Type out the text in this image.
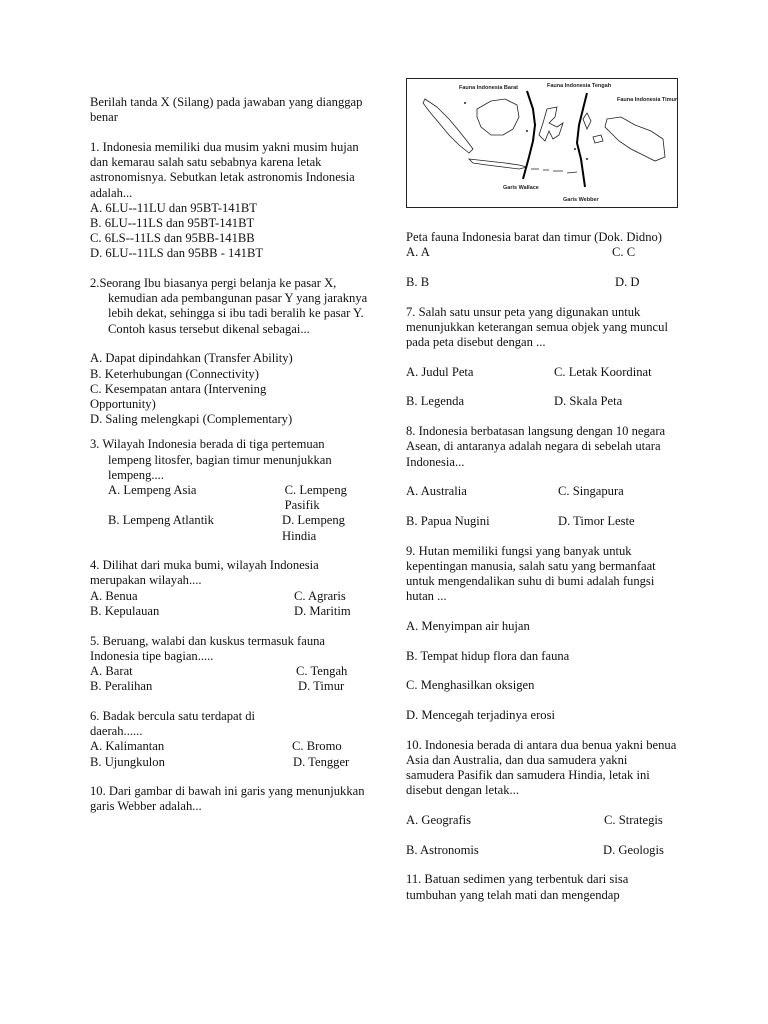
Berilah tanda X (Silang) pada jawaban yang dianggap benar

1. Indonesia memiliki dua musim yakni musim hujan dan kemarau salah satu sebabnya karena letak astronomisnya. Sebutkan letak astronomis Indonesia adalah...

A. 6LU--11LU dan 95BT-141BT

B. 6LU--11LS dan 95BT-141BT

C. 6LS--11LS dan 95BB-141BB

D. 6LU--11LS dan 95BB - 141BT

2.Seorang Ibu biasanya pergi belanja ke pasar X, kemudian ada pembangunan pasar Y yang jaraknya lebih dekat, sehingga si ibu tadi beralih ke pasar Y. Contoh kasus tersebut dikenal sebagai...

A. Dapat dipindahkan (Transfer Ability)

B. Keterhubungan (Connectivity)

C. Kesempatan antara (Intervening Opportunity)

D. Saling melengkapi (Complementary)

3. Wilayah Indonesia berada di tiga pertemuan lempeng litosfer, bagian timur menunjukkan lempeng....

A. Lempeng Asia	C. Lempeng Pasifik
B. Lempeng Atlantik	D. Lempeng Hindia

4. Dilihat dari muka bumi, wilayah Indonesia merupakan wilayah....

A. Benua	C. Agraris
B. Kepulauan	D. Maritim

5. Beruang, walabi dan kuskus termasuk fauna Indonesia tipe bagian.....

A. Barat	C. Tengah
B. Peralihan	D. Timur

6. Badak bercula satu terdapat di daerah......

A. Kalimantan	C. Bromo
B. Ujungkulon	D. Tengger

10. Dari gambar di bawah ini garis yang menunjukkan garis Webber adalah...

Fauna Indonesia Barat	Fauna Indonesia Tengah
Fauna Indonesia Timur
Garis Wallace
Garis Webber

Peta fauna Indonesia barat dan timur (Dok. Didno)

A. A	C. C
B. B	D. D

7. Salah satu unsur peta yang digunakan untuk menunjukkan keterangan semua objek yang muncul pada peta disebut dengan ...

A. Judul Peta	C. Letak Koordinat
B. Legenda	D. Skala Peta

8. Indonesia berbatasan langsung dengan 10 negara Asean, di antaranya adalah negara di sebelah utara Indonesia...

A. Australia	C. Singapura
B. Papua Nugini	D. Timor Leste

9. Hutan memiliki fungsi yang banyak untuk kepentingan manusia, salah satu yang bermanfaat untuk mengendalikan suhu di bumi adalah fungsi hutan ...

A. Menyimpan air hujan

B. Tempat hidup flora dan fauna

C. Menghasilkan oksigen

D. Mencegah terjadinya erosi

10. Indonesia berada di antara dua benua yakni benua Asia dan Australia, dan dua samudera yakni samudera Pasifik dan samudera Hindia, letak ini disebut dengan letak...

A. Geografis	C. Strategis
B. Astronomis	D. Geologis

11. Batuan sedimen yang terbentuk dari sisa tumbuhan yang telah mati dan mengendap
